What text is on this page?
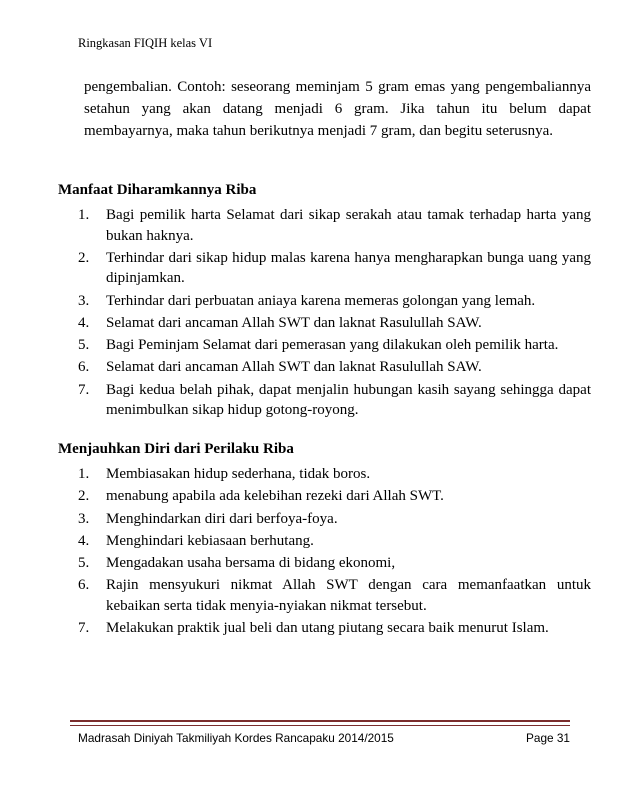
Ringkasan FIQIH kelas VI
pengembalian. Contoh: seseorang meminjam 5 gram emas yang pengembaliannya setahun yang akan datang menjadi 6 gram. Jika tahun itu belum dapat membayarnya, maka tahun berikutnya menjadi 7 gram, dan begitu seterusnya.
Manfaat Diharamkannya Riba
1.	Bagi pemilik harta Selamat dari sikap serakah atau tamak terhadap harta yang bukan haknya.
2.	Terhindar dari sikap hidup malas karena hanya mengharapkan bunga uang yang dipinjamkan.
3.	Terhindar dari perbuatan aniaya karena memeras golongan yang lemah.
4.	Selamat dari ancaman Allah SWT dan laknat Rasulullah SAW.
5.	Bagi Peminjam Selamat dari pemerasan yang dilakukan oleh pemilik harta.
6.	Selamat dari ancaman Allah SWT dan laknat Rasulullah SAW.
7.	Bagi kedua belah pihak, dapat menjalin hubungan kasih sayang sehingga dapat menimbulkan sikap hidup gotong-royong.
Menjauhkan Diri dari Perilaku Riba
1.	Membiasakan hidup sederhana, tidak boros.
2.	menabung apabila ada kelebihan rezeki dari Allah SWT.
3.	Menghindarkan diri dari berfoya-foya.
4.	Menghindari kebiasaan berhutang.
5.	Mengadakan usaha bersama di bidang ekonomi,
6.	Rajin mensyukuri nikmat Allah SWT dengan cara memanfaatkan untuk kebaikan serta tidak menyia-nyiakan nikmat tersebut.
7.	Melakukan praktik jual beli dan utang piutang secara baik menurut Islam.
Madrasah Diniyah Takmiliyah Kordes Rancapaku 2014/2015	Page 31
